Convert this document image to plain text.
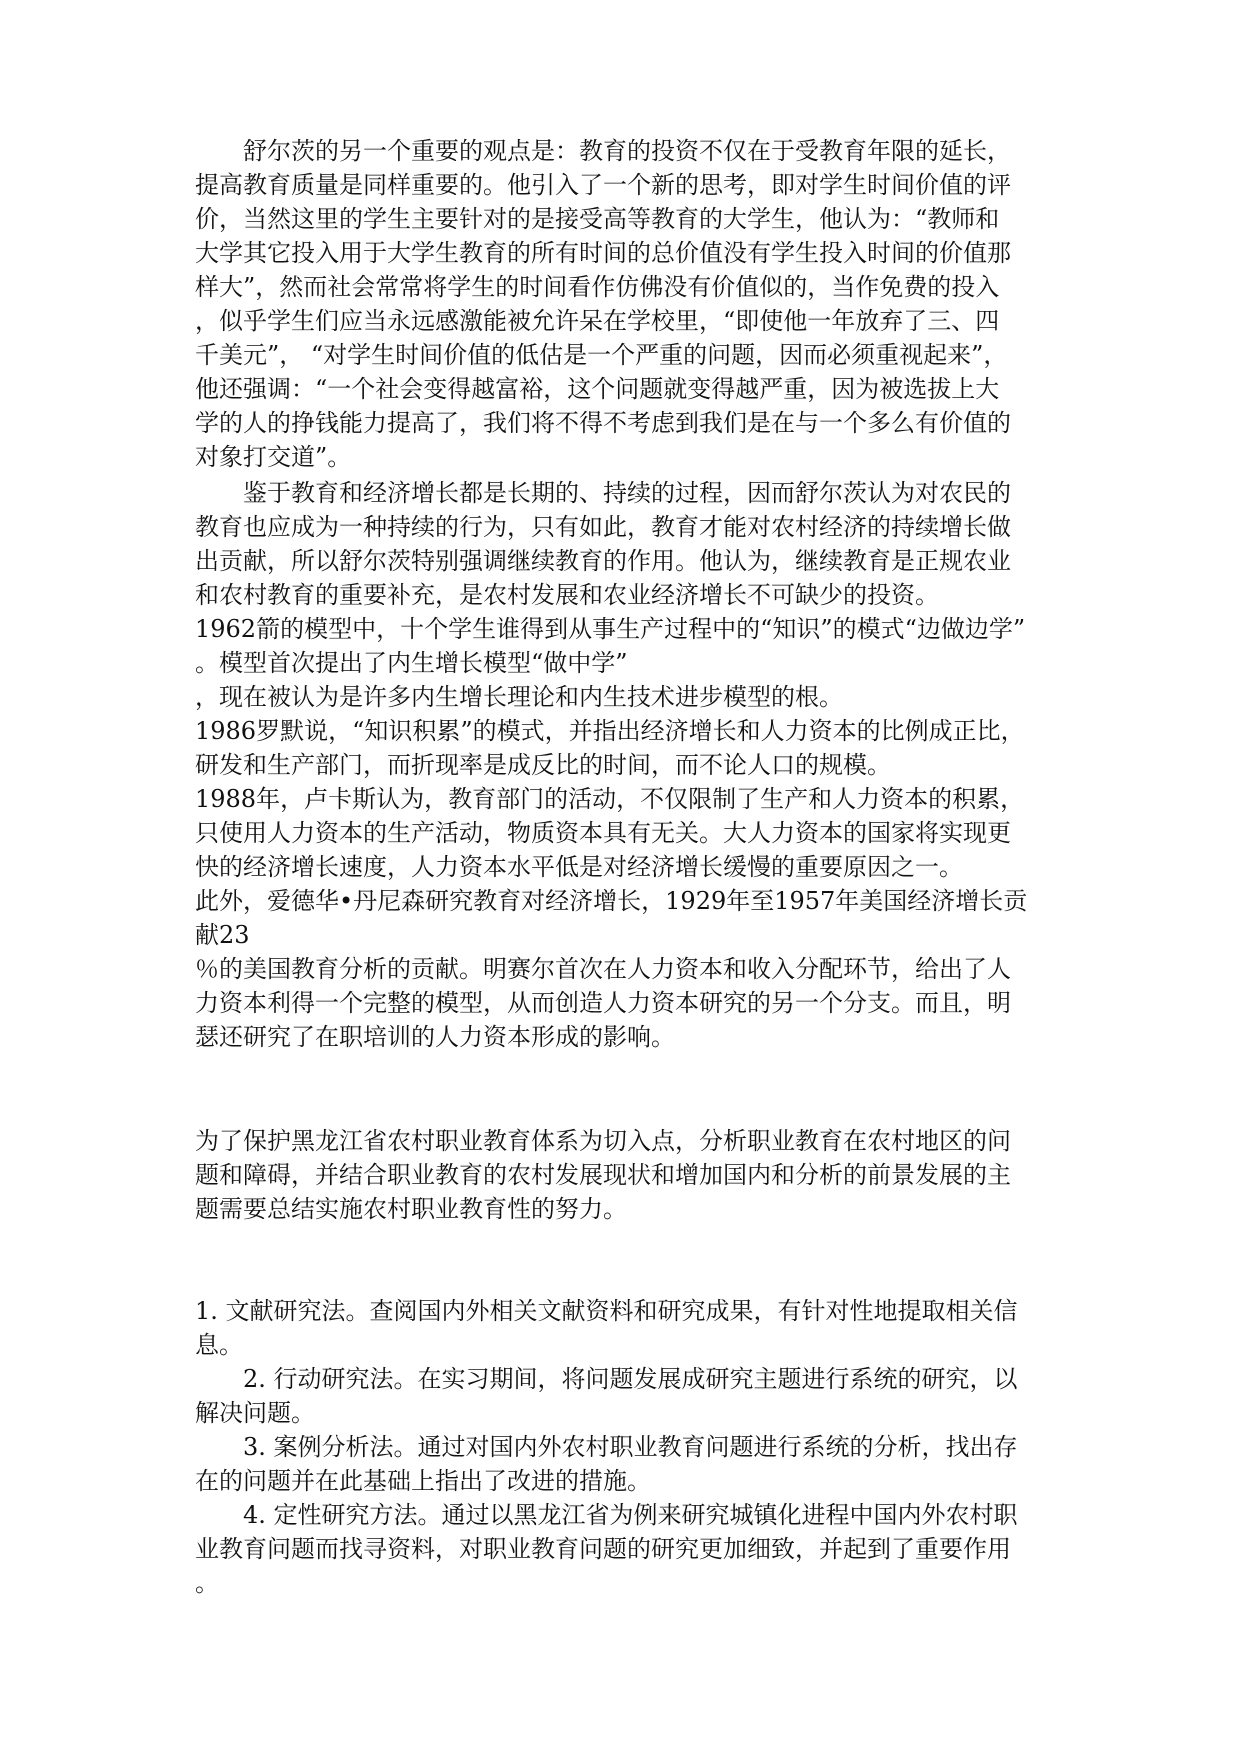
舒尔茨的另一个重要的观点是：教育的投资不仅在于受教育年限的延长，
提高教育质量是同样重要的。他引入了一个新的思考，即对学生时间价值的评
价，当然这里的学生主要针对的是接受高等教育的大学生，他认为：“教师和
大学其它投入用于大学生教育的所有时间的总价值没有学生投入时间的价值那
样大”，然而社会常常将学生的时间看作仿佛没有价值似的，当作免费的投入
，似乎学生们应当永远感激能被允许呆在学校里，“即使他一年放弃了三、四
千美元”， “对学生时间价值的低估是一个严重的问题，因而必须重视起来”，
他还强调：“一个社会变得越富裕，这个问题就变得越严重，因为被选拔上大
学的人的挣钱能力提高了，我们将不得不考虑到我们是在与一个多么有价值的
对象打交道”。
鉴于教育和经济增长都是长期的、持续的过程，因而舒尔茨认为对农民的
教育也应成为一种持续的行为，只有如此，教育才能对农村经济的持续增长做
出贡献，所以舒尔茨特别强调继续教育的作用。他认为，继续教育是正规农业
和农村教育的重要补充，是农村发展和农业经济增长不可缺少的投资。
1962箭的模型中，十个学生谁得到从事生产过程中的“知识”的模式“边做边学”
。模型首次提出了内生增长模型“做中学”
，现在被认为是许多内生增长理论和内生技术进步模型的根。
1986罗默说，“知识积累”的模式，并指出经济增长和人力资本的比例成正比，
研发和生产部门，而折现率是成反比的时间，而不论人口的规模。
1988年，卢卡斯认为，教育部门的活动，不仅限制了生产和人力资本的积累，
只使用人力资本的生产活动，物质资本具有无关。大人力资本的国家将实现更
快的经济增长速度，人力资本水平低是对经济增长缓慢的重要原因之一。
此外，爱德华•丹尼森研究教育对经济增长，1929年至1957年美国经济增长贡
献23
％的美国教育分析的贡献。明赛尔首次在人力资本和收入分配环节，给出了人
力资本利得一个完整的模型，从而创造人力资本研究的另一个分支。而且，明
瑟还研究了在职培训的人力资本形成的影响。
为了保护黑龙江省农村职业教育体系为切入点，分析职业教育在农村地区的问
题和障碍，并结合职业教育的农村发展现状和增加国内和分析的前景发展的主
题需要总结实施农村职业教育性的努力。
1. 文献研究法。查阅国内外相关文献资料和研究成果，有针对性地提取相关信
息。
2. 行动研究法。在实习期间，将问题发展成研究主题进行系统的研究，以
解决问题。
3. 案例分析法。通过对国内外农村职业教育问题进行系统的分析，找出存
在的问题并在此基础上指出了改进的措施。
4. 定性研究方法。通过以黑龙江省为例来研究城镇化进程中国内外农村职
业教育问题而找寻资料，对职业教育问题的研究更加细致，并起到了重要作用
。
